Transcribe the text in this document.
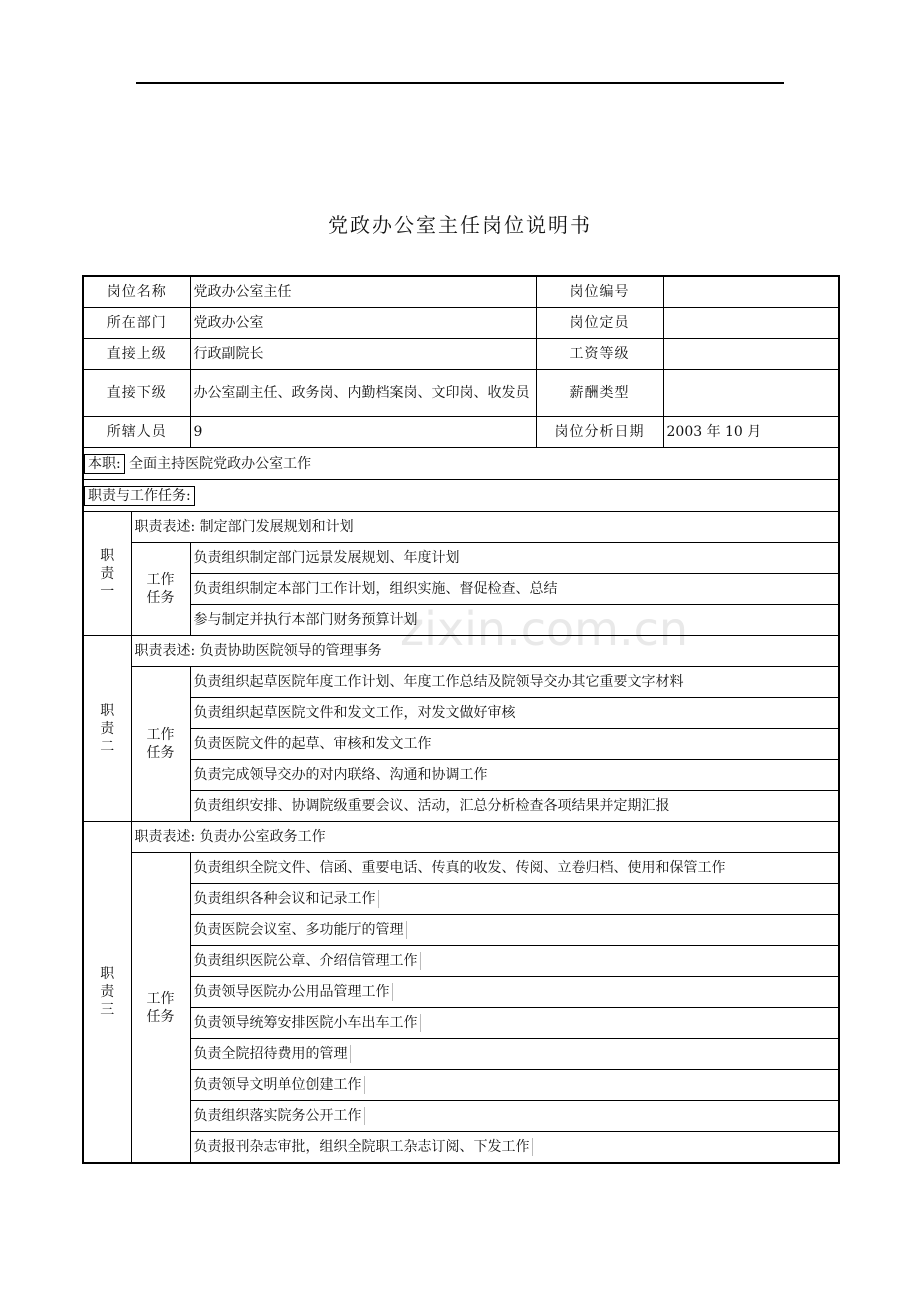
党政办公室主任岗位说明书
zixin.com.cn
岗位名称		党政办公室主任	岗位编号	
所在部门		党政办公室	岗位定员	
直接上级		行政副院长	工资等级	
直接下级		办公室副主任、政务岗、内勤档案岗、文印岗、收发员	薪酬类型	
所辖人员		9	岗位分析日期	2003 年 10 月
本职: 全面主持医院党政办公室工作				
职责与工作任务:				
职
责
一	职责表述: 制定部门发展规划和计划			
	工作
任务	负责组织制定部门远景发展规划、年度计划		
		负责组织制定本部门工作计划，组织实施、督促检查、总结		
		参与制定并执行本部门财务预算计划		
职
责
二	职责表述: 负责协助医院领导的管理事务			
	工作
任务	负责组织起草医院年度工作计划、年度工作总结及院领导交办其它重要文字材料		
		负责组织起草医院文件和发文工作，对发文做好审核		
		负责医院文件的起草、审核和发文工作		
		负责完成领导交办的对内联络、沟通和协调工作		
		负责组织安排、协调院级重要会议、活动，汇总分析检查各项结果并定期汇报		
职
责
三	职责表述: 负责办公室政务工作			
	工作
任务	负责组织全院文件、信函、重要电话、传真的收发、传阅、立卷归档、使用和保管工作		
		负责组织各种会议和记录工作		
		负责医院会议室、多功能厅的管理		
		负责组织医院公章、介绍信管理工作		
		负责领导医院办公用品管理工作		
		负责领导统筹安排医院小车出车工作		
		负责全院招待费用的管理		
		负责领导文明单位创建工作		
		负责组织落实院务公开工作		
		负责报刊杂志审批，组织全院职工杂志订阅、下发工作		
